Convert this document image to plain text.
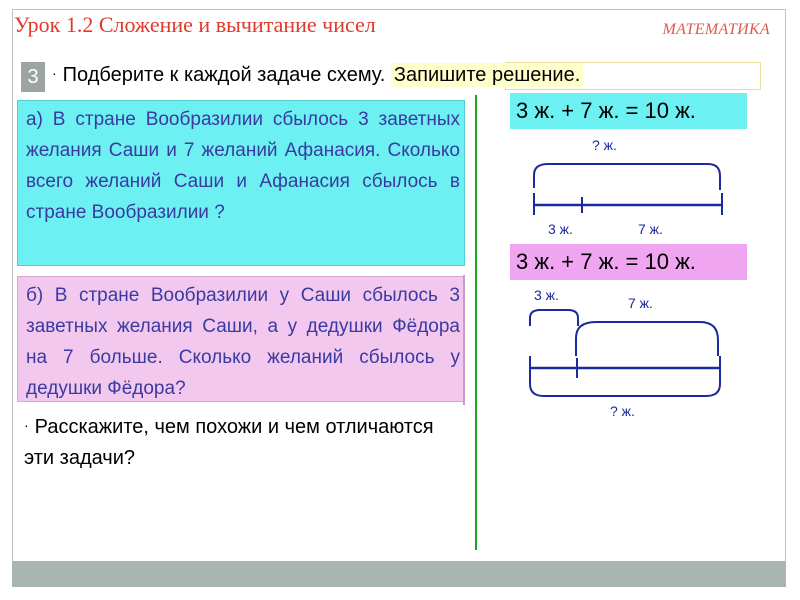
Урок 1.2 Сложение и вычитание чисел	МАТЕМАТИКА
3 · Подберите к каждой задаче схему. Запишите решение.
а) В стране Вообразилии сбылось 3 заветных желания Саши и 7 желаний Афанасия. Сколько всего желаний Саши и Афанасия сбылось в стране Вообразилии ?
б) В стране Вообразилии у Саши сбылось 3 заветных желания Саши, а у дедушки Фёдора на 7 больше. Сколько желаний сбылось у дедушки Фёдора?
· Расскажите, чем похожи и чем отличаются эти задачи?
3 ж. + 7 ж. = 10 ж.
3 ж. + 7 ж. = 10 ж.
? ж.
3 ж.	7 ж.
3 ж.	7 ж.
? ж.
